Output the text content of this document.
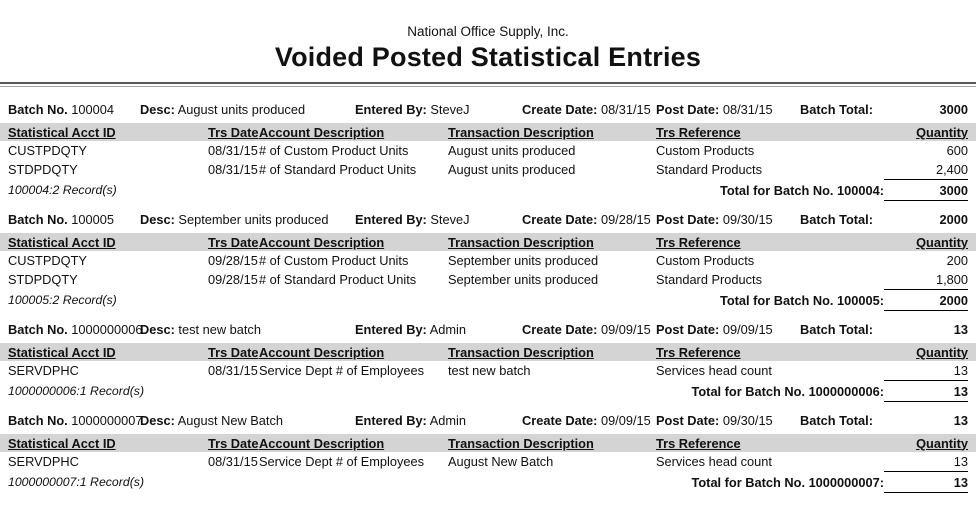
National Office Supply, Inc.
Voided Posted Statistical Entries
Batch No. 100004	Desc: August units produced	Entered By: SteveJ	Create Date: 08/31/15 Post Date: 08/31/15	Batch Total:	3000
Statistical Acct ID	Trs Date Account Description	Transaction Description	Trs Reference	Quantity
CUSTPDQTY	08/31/15 # of Custom Product Units	August units produced	Custom Products	600
STDPDQTY	08/31/15 # of Standard Product Units	August units produced	Standard Products	2,400
100004:2 Record(s)	Total for Batch No. 100004:	3000
Batch No. 100005	Desc: September units produced	Entered By: SteveJ	Create Date: 09/28/15 Post Date: 09/30/15	Batch Total:	2000
Statistical Acct ID	Trs Date Account Description	Transaction Description	Trs Reference	Quantity
CUSTPDQTY	09/28/15 # of Custom Product Units	September units produced	Custom Products	200
STDPDQTY	09/28/15 # of Standard Product Units	September units produced	Standard Products	1,800
100005:2 Record(s)	Total for Batch No. 100005:	2000
Batch No. 1000000006
Desc: test new batch	Entered By: Admin	Create Date: 09/09/15 Post Date: 09/09/15	Batch Total:	13
Statistical Acct ID	Trs Date Account Description	Transaction Description	Trs Reference	Quantity
SERVDPHC	08/31/15 Service Dept # of Employees	test new batch	Services head count	13
1000000006:1 Record(s)	Total for Batch No. 1000000006:	13
Batch No. 1000000007
Desc: August New Batch	Entered By: Admin	Create Date: 09/09/15 Post Date: 09/30/15	Batch Total:	13
Statistical Acct ID	Trs Date Account Description	Transaction Description	Trs Reference	Quantity
SERVDPHC	08/31/15 Service Dept # of Employees	August New Batch	Services head count	13
1000000007:1 Record(s)	Total for Batch No. 1000000007:	13
